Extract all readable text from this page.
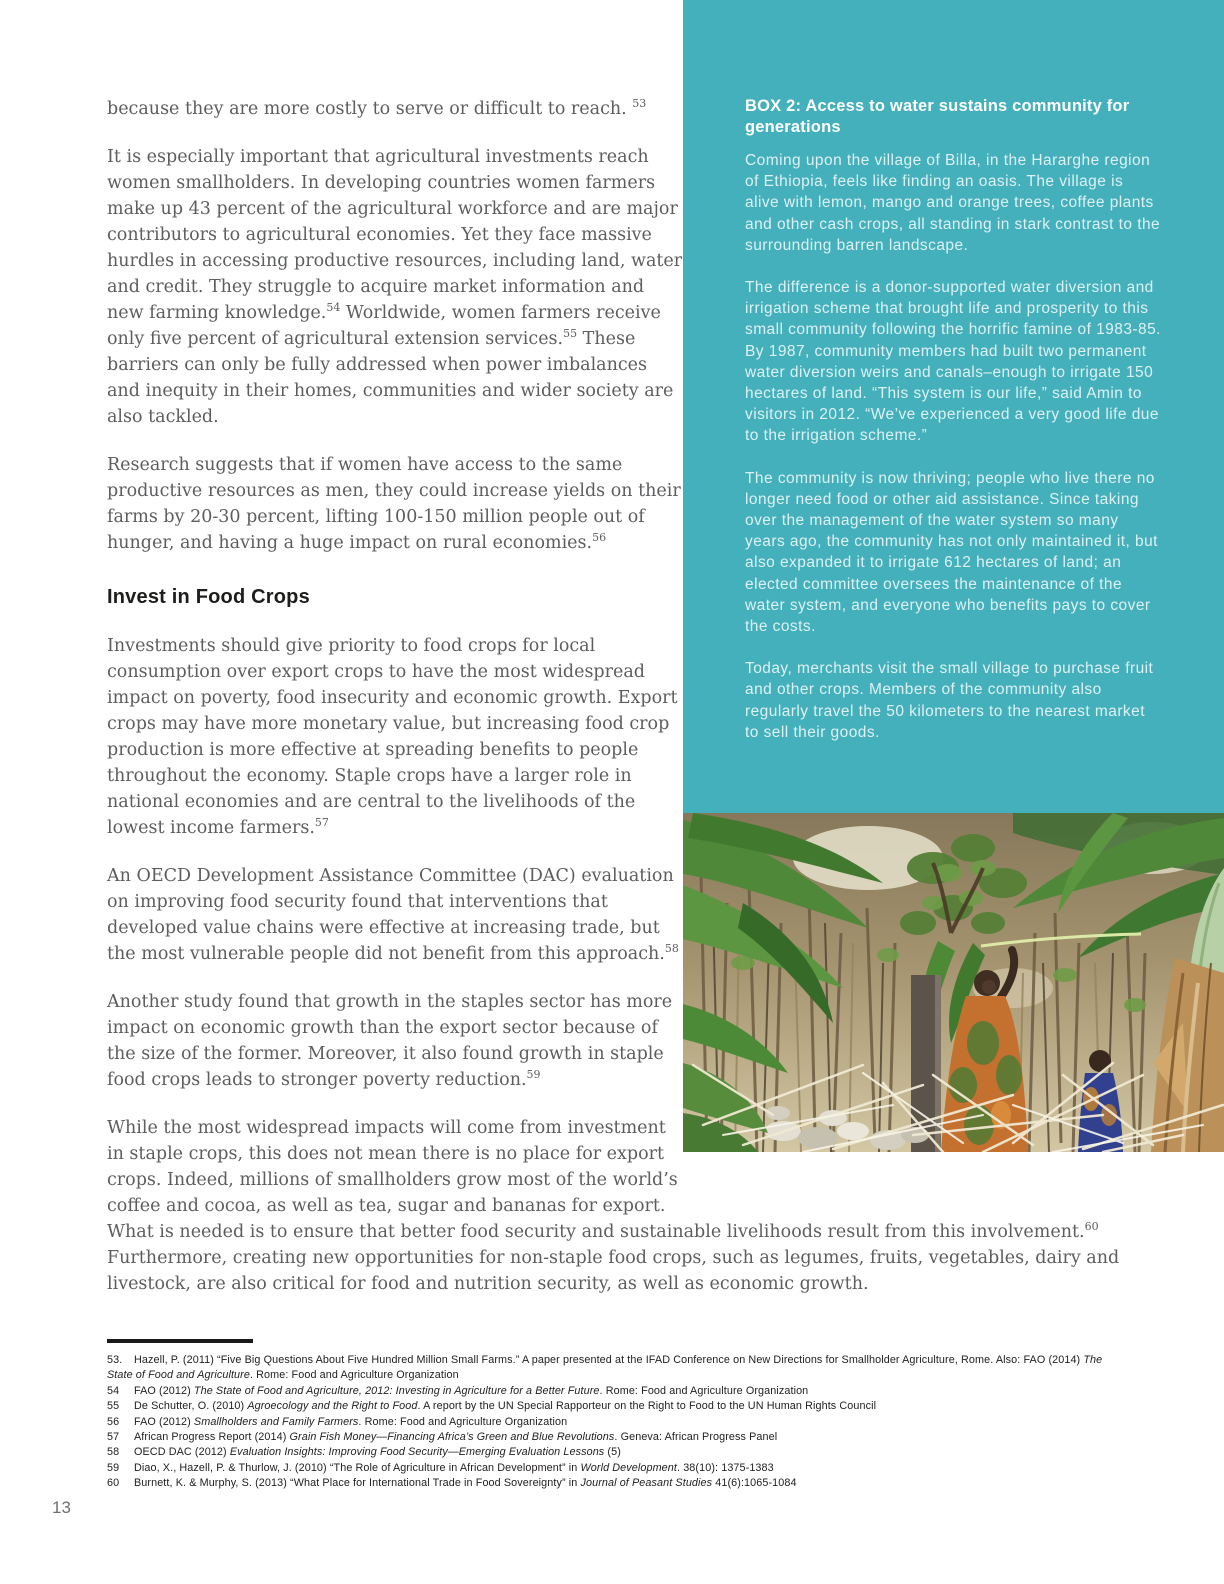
BOX 2: Access to water sustains community for generations

Coming upon the village of Billa, in the Hararghe region of Ethiopia, feels like finding an oasis. The village is alive with lemon, mango and orange trees, coffee plants and other cash crops, all standing in stark contrast to the surrounding barren landscape.

The difference is a donor-supported water diversion and irrigation scheme that brought life and prosperity to this small community following the horrific famine of 1983-85. By 1987, community members had built two permanent water diversion weirs and canals–enough to irrigate 150 hectares of land. “This system is our life,” said Amin to visitors in 2012. “We’ve experienced a very good life due to the irrigation scheme.”

The community is now thriving; people who live there no longer need food or other aid assistance. Since taking over the management of the water system so many years ago, the community has not only maintained it, but also expanded it to irrigate 612 hectares of land; an elected committee oversees the maintenance of the water system, and everyone who benefits pays to cover the costs.

Today, merchants visit the small village to purchase fruit and other crops. Members of the community also regularly travel the 50 kilometers to the nearest market to sell their goods.

because they are more costly to serve or difficult to reach. $^{53}$

It is especially important that agricultural investments reach women smallholders. In developing countries women farmers make up 43 percent of the agricultural workforce and are major contributors to agricultural economies. Yet they face massive hurdles in accessing productive resources, including land, water and credit. They struggle to acquire market information and new farming knowledge.$^{54}$ Worldwide, women farmers receive only five percent of agricultural extension services.$^{55}$ These barriers can only be fully addressed when power imbalances and inequity in their homes, communities and wider society are also tackled.

Research suggests that if women have access to the same productive resources as men, they could increase yields on their farms by 20-30 percent, lifting 100-150 million people out of hunger, and having a huge impact on rural economies.$^{56}$

Invest in Food Crops

Investments should give priority to food crops for local consumption over export crops to have the most widespread impact on poverty, food insecurity and economic growth. Export crops may have more monetary value, but increasing food crop production is more effective at spreading benefits to people throughout the economy. Staple crops have a larger role in national economies and are central to the livelihoods of the lowest income farmers.$^{57}$

An OECD Development Assistance Committee (DAC) evaluation on improving food security found that interventions that developed value chains were effective at increasing trade, but the most vulnerable people did not benefit from this approach.$^{58}$

Another study found that growth in the staples sector has more impact on economic growth than the export sector because of the size of the former. Moreover, it also found growth in staple food crops leads to stronger poverty reduction.$^{59}$

While the most widespread impacts will come from investment in staple crops, this does not mean there is no place for export crops. Indeed, millions of smallholders grow most of the world’s coffee and cocoa, as well as tea, sugar and bananas for export. What is needed is to ensure that better food security and sustainable livelihoods result from this involvement.$^{60}$ Furthermore, creating new opportunities for non-staple food crops, such as legumes, fruits, vegetables, dairy and livestock, are also critical for food and nutrition security, as well as economic growth.

53. Hazell, P. (2011) “Five Big Questions About Five Hundred Million Small Farms.” A paper presented at the IFAD Conference on New Directions for Smallholder Agriculture, Rome. Also: FAO (2014) The State of Food and Agriculture. Rome: Food and Agriculture Organization
54 FAO (2012) The State of Food and Agriculture, 2012: Investing in Agriculture for a Better Future. Rome: Food and Agriculture Organization
55 De Schutter, O. (2010) Agroecology and the Right to Food. A report by the UN Special Rapporteur on the Right to Food to the UN Human Rights Council
56 FAO (2012) Smallholders and Family Farmers. Rome: Food and Agriculture Organization
57 African Progress Report (2014) Grain Fish Money—Financing Africa’s Green and Blue Revolutions. Geneva: African Progress Panel
58 OECD DAC (2012) Evaluation Insights: Improving Food Security—Emerging Evaluation Lessons (5)
59 Diao, X., Hazell, P. & Thurlow, J. (2010) “The Role of Agriculture in African Development” in World Development. 38(10): 1375-1383
60 Burnett, K. & Murphy, S. (2013) “What Place for International Trade in Food Sovereignty” in Journal of Peasant Studies 41(6):1065-1084
13
